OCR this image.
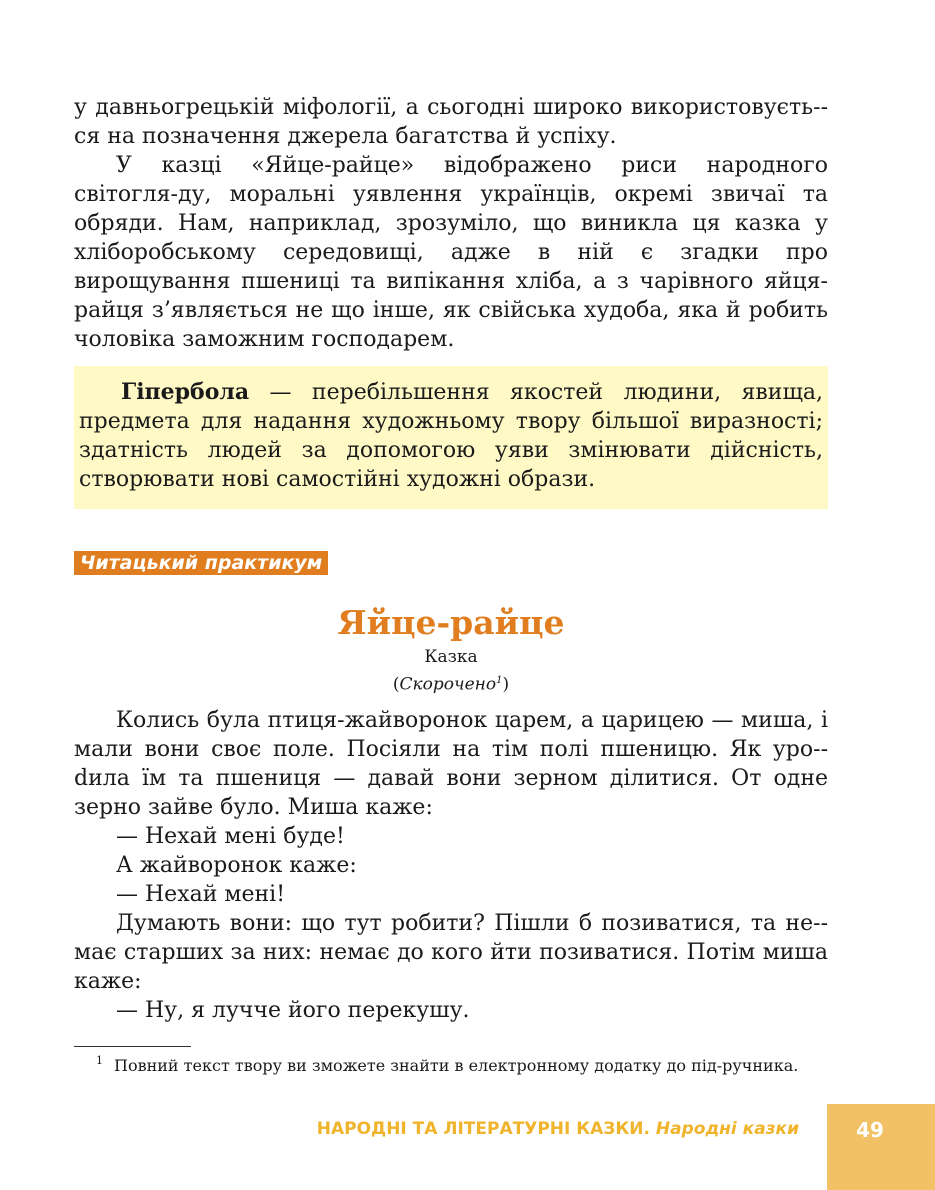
у давньогрецькій міфології, а сьогодні широко використовуєть-ся на позначення джерела багатства й успіху.

У казці «Яйце-райце» відображено риси народного світогля-ду, моральні уявлення українців, окремі звичаї та обряди. Нам, наприклад, зрозуміло, що виникла ця казка у хліборобському середовищі, адже в ній є згадки про вирощування пшениці та випікання хліба, а з чарівного яйця-райця з’являється не що інше, як свійська худоба, яка й робить чоловіка заможним господарем.

Гіпербола — перебільшення якостей людини, явища, предмета для надання художньому твору більшої виразності; здатність людей за допомогою уяви змінювати дійсність, створювати нові самостійні художні образи.

Читацький практикум
Яйце-райце
Казка
(Скорочено$^1$)

Колись була птиця-жайворонок царем, а царицею — миша, і мали вони своє поле. Посіяли на тім полі пшеницю. Як уро-dила їм та пшениця — давай вони зерном ділитися. От одне зерно зайве було. Миша каже:

— Нехай мені буде!

А жайворонок каже:

— Нехай мені!

Думають вони: що тут робити? Пішли б позиватися, та не-має старших за них: немає до кого йти позиватися. Потім миша каже:

— Ну, я лучче його перекушу.

1 Повний текст твору ви зможете знайти в електронному додатку до під-ручника.
НАРОДНІ ТА ЛІТЕРАТУРНІ КАЗКИ. Народні казки	49
